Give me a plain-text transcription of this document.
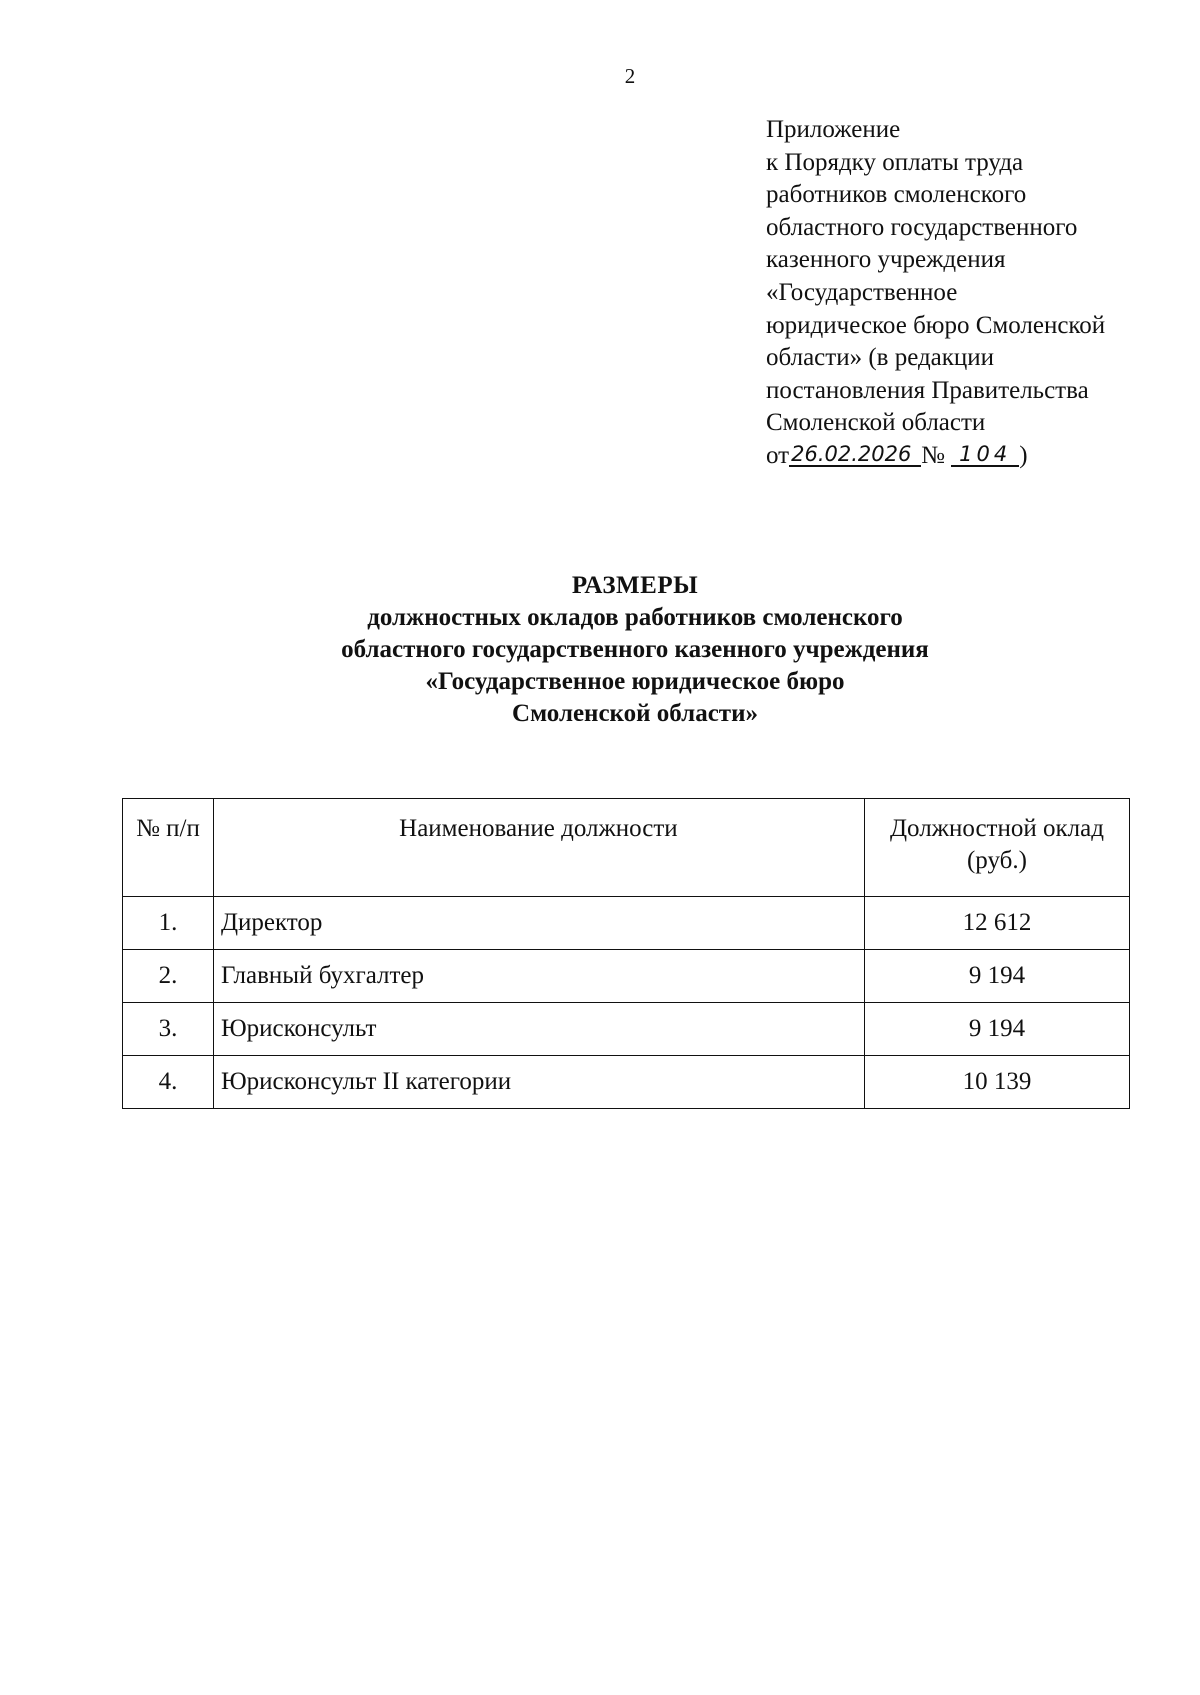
2
Приложение
к Порядку оплаты труда
работников смоленского
областного государственного
казенного учреждения
«Государственное
юридическое бюро Смоленской
области» (в редакции
постановления Правительства
Смоленской области
от26.02.2026 № 104 )
РАЗМЕРЫ
должностных окладов работников смоленского
областного государственного казенного учреждения
«Государственное юридическое бюро
Смоленской области»
№ п/п	Наименование должности	Должностной оклад
(руб.)
1.	Директор	12 612
2.	Главный бухгалтер	9 194
3.	Юрисконсульт	9 194
4.	Юрисконсульт II категории	10 139
